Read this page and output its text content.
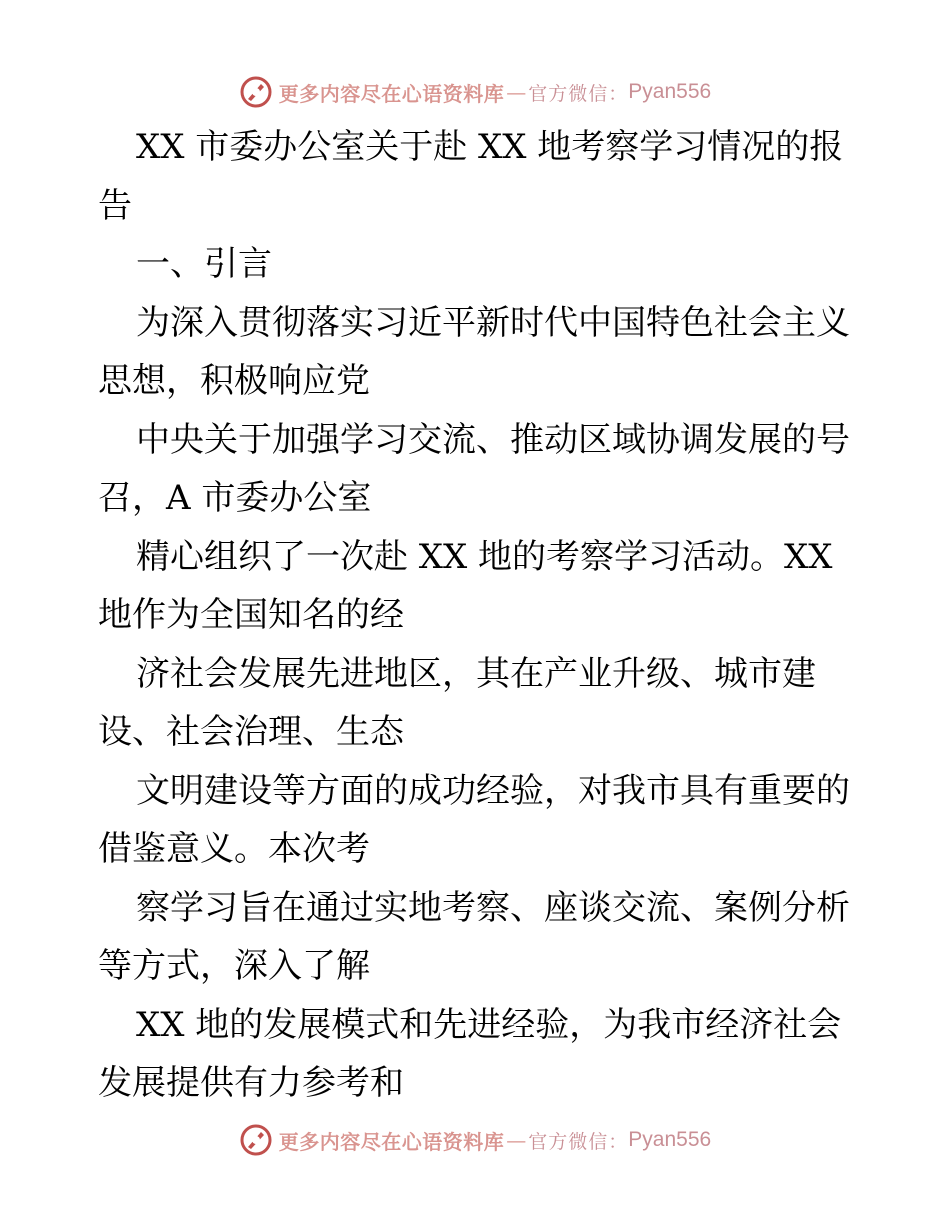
更多内容尽在心语资料库 — 官方微信： Pyan556
XX 市委办公室关于赴 XX 地考察学习情况的报
告
一、引言
为深入贯彻落实习近平新时代中国特色社会主义
思想，积极响应党
中央关于加强学习交流、推动区域协调发展的号
召，A 市委办公室
精心组织了一次赴 XX 地的考察学习活动。XX
地作为全国知名的经
济社会发展先进地区，其在产业升级、城市建
设、社会治理、生态
文明建设等方面的成功经验，对我市具有重要的
借鉴意义。本次考
察学习旨在通过实地考察、座谈交流、案例分析
等方式，深入了解
XX 地的发展模式和先进经验，为我市经济社会
发展提供有力参考和
更多内容尽在心语资料库 — 官方微信： Pyan556
